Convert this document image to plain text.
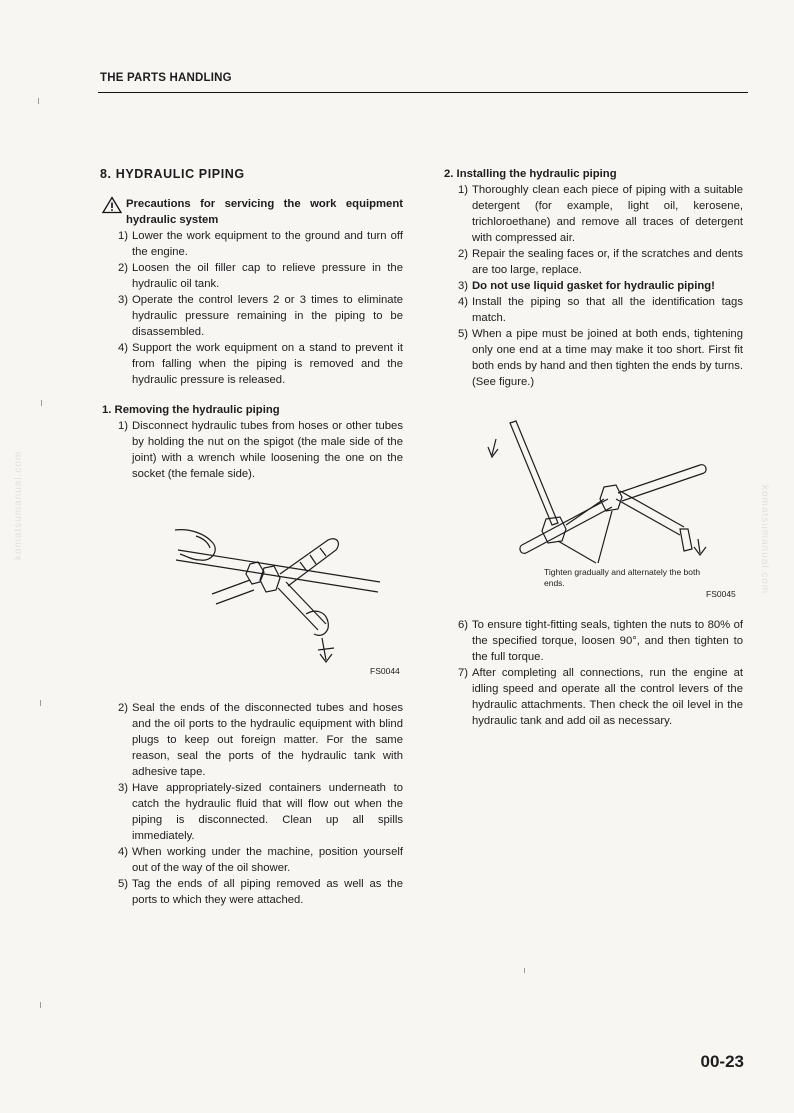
THE PARTS HANDLING
komatsumanual.com	komatsumanual.com
8. HYDRAULIC PIPING
Precautions for servicing the work equipment hydraulic system
1) Lower the work equipment to the ground and turn off the engine.
2) Loosen the oil filler cap to relieve pressure in the hydraulic oil tank.
3) Operate the control levers 2 or 3 times to eliminate hydraulic pressure remaining in the piping to be disassembled.
4) Support the work equipment on a stand to prevent it from falling when the piping is removed and the hydraulic pressure is released.
1. Removing the hydraulic piping
1) Disconnect hydraulic tubes from hoses or other tubes by holding the nut on the spigot (the male side of the joint) with a wrench while loosening the one on the socket (the female side).
FS0044
2) Seal the ends of the disconnected tubes and hoses and the oil ports to the hydraulic equipment with blind plugs to keep out foreign matter. For the same reason, seal the ports of the hydraulic tank with adhesive tape.
3) Have appropriately-sized containers underneath to catch the hydraulic fluid that will flow out when the piping is disconnected. Clean up all spills immediately.
4) When working under the machine, position yourself out of the way of the oil shower.
5) Tag the ends of all piping removed as well as the ports to which they were attached.
2. Installing the hydraulic piping
1) Thoroughly clean each piece of piping with a suitable detergent (for example, light oil, kerosene, trichloroethane) and remove all traces of detergent with compressed air.
2) Repair the sealing faces or, if the scratches and dents are too large, replace.
3) Do not use liquid gasket for hydraulic piping!
4) Install the piping so that all the identification tags match.
5) When a pipe must be joined at both ends, tightening only one end at a time may make it too short. First fit both ends by hand and then tighten the ends by turns. (See figure.)
Tighten gradually and alternately the both ends.
FS0045
6) To ensure tight-fitting seals, tighten the nuts to 80% of the specified torque, loosen 90°, and then tighten to the full torque.
7) After completing all connections, run the engine at idling speed and operate all the control levers of the hydraulic attachments. Then check the oil level in the hydraulic tank and add oil as necessary.
00-23
